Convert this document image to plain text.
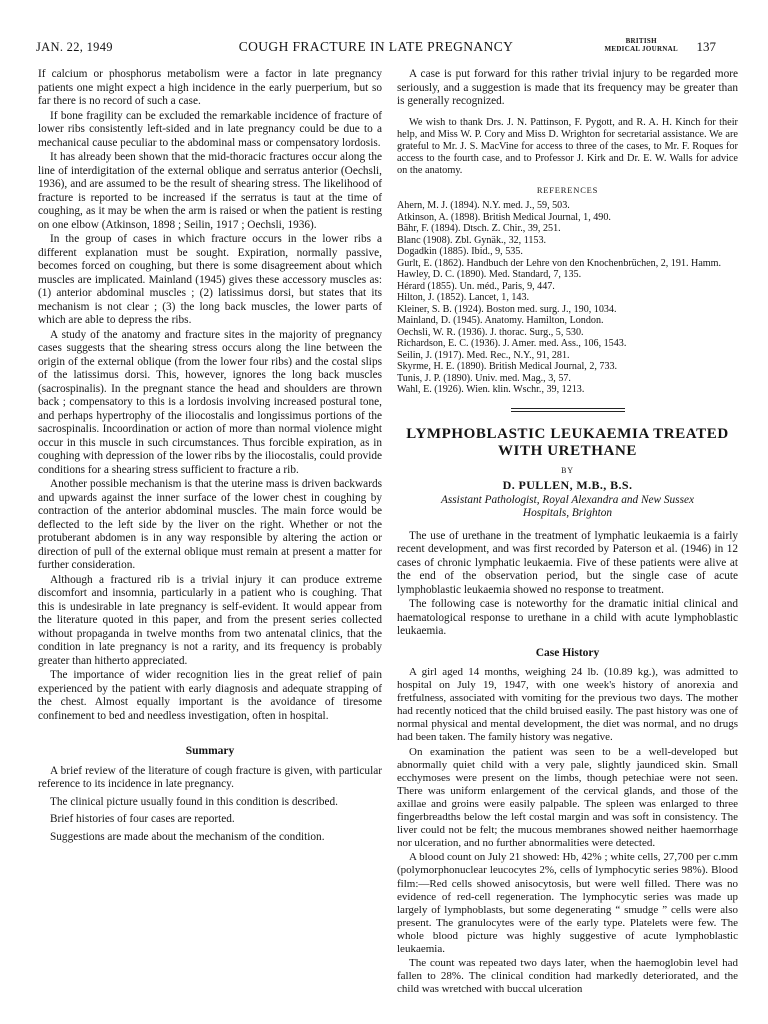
JAN. 22, 1949	COUGH FRACTURE IN LATE PREGNANCY	BRITISH
MEDICAL JOURNAL 137

If calcium or phosphorus metabolism were a factor in late pregnancy patients one might expect a high incidence in the early puerperium, but so far there is no record of such a case.

If bone fragility can be excluded the remarkable incidence of fracture of lower ribs consistently left-sided and in late pregnancy could be due to a mechanical cause peculiar to the abdominal mass or compensatory lordosis.

It has already been shown that the mid-thoracic fractures occur along the line of interdigitation of the external oblique and serratus anterior (Oechsli, 1936), and are assumed to be the result of shearing stress. The likelihood of fracture is reported to be increased if the serratus is taut at the time of coughing, as it may be when the arm is raised or when the patient is resting on one elbow (Atkinson, 1898 ; Seilin, 1917 ; Oechsli, 1936).

In the group of cases in which fracture occurs in the lower ribs a different explanation must be sought. Expiration, normally passive, becomes forced on coughing, but there is some disagreement about which muscles are implicated. Mainland (1945) gives these accessory muscles as: (1) anterior abdominal muscles ; (2) latissimus dorsi, but states that its mechanism is not clear ; (3) the long back muscles, the lower parts of which are able to depress the ribs.

A study of the anatomy and fracture sites in the majority of pregnancy cases suggests that the shearing stress occurs along the line between the origin of the external oblique (from the lower four ribs) and the costal slips of the latissimus dorsi. This, however, ignores the long back muscles (sacrospinalis). In the pregnant stance the head and shoulders are thrown back ; compensatory to this is a lordosis involving increased postural tone, and perhaps hypertrophy of the iliocostalis and longissimus portions of the sacrospinalis. Incoordination or action of more than normal violence might occur in this muscle in such circumstances. Thus forcible expiration, as in coughing with depression of the lower ribs by the iliocostalis, could provide conditions for a shearing stress sufficient to fracture a rib.

Another possible mechanism is that the uterine mass is driven backwards and upwards against the inner surface of the lower chest in coughing by contraction of the anterior abdominal muscles. The main force would be deflected to the left side by the liver on the right. Whether or not the protuberant abdomen is in any way responsible by altering the action or direction of pull of the external oblique must remain at present a matter for further consideration.

Although a fractured rib is a trivial injury it can produce extreme discomfort and insomnia, particularly in a patient who is coughing. That this is undesirable in late pregnancy is self-evident. It would appear from the literature quoted in this paper, and from the present series collected without propaganda in twelve months from two antenatal clinics, that the condition in late pregnancy is not a rarity, and its frequency is probably greater than hitherto appreciated.

The importance of wider recognition lies in the great relief of pain experienced by the patient with early diagnosis and adequate strapping of the chest. Almost equally important is the avoidance of tiresome confinement to bed and needless investigation, often in hospital.

Summary

A brief review of the literature of cough fracture is given, with particular reference to its incidence in late pregnancy.

The clinical picture usually found in this condition is described.

Brief histories of four cases are reported.

Suggestions are made about the mechanism of the condition.

A case is put forward for this rather trivial injury to be regarded more seriously, and a suggestion is made that its frequency may be greater than is generally recognized.

We wish to thank Drs. J. N. Pattinson, F. Pygott, and R. A. H. Kinch for their help, and Miss W. P. Cory and Miss D. Wrighton for secretarial assistance. We are grateful to Mr. J. S. MacVine for access to three of the cases, to Mr. F. Roques for access to the fourth case, and to Professor J. Kirk and Dr. E. W. Walls for advice on the anatomy.

REFERENCES
Ahern, M. J. (1894). N.Y. med. J., 59, 503.
Atkinson, A. (1898). British Medical Journal, 1, 490.
Bähr, F. (1894). Dtsch. Z. Chir., 39, 251.
Blanc (1908). Zbl. Gynäk., 32, 1153.
Dogadkin (1885). Ibid., 9, 535.
Gurlt, E. (1862). Handbuch der Lehre von den Knochenbrüchen, 2, 191. Hamm.
Hawley, D. C. (1890). Med. Standard, 7, 135.
Hérard (1855). Un. méd., Paris, 9, 447.
Hilton, J. (1852). Lancet, 1, 143.
Kleiner, S. B. (1924). Boston med. surg. J., 190, 1034.
Mainland, D. (1945). Anatomy. Hamilton, London.
Oechsli, W. R. (1936). J. thorac. Surg., 5, 530.
Richardson, E. C. (1936). J. Amer. med. Ass., 106, 1543.
Seilin, J. (1917). Med. Rec., N.Y., 91, 281.
Skyrme, H. E. (1890). British Medical Journal, 2, 733.
Tunis, J. P. (1890). Univ. med. Mag., 3, 57.
Wahl, E. (1926). Wien. klin. Wschr., 39, 1213.
LYMPHOBLASTIC LEUKAEMIA TREATED
WITH URETHANE
BY
D. PULLEN, M.B., B.S.
Assistant Pathologist, Royal Alexandra and New Sussex
Hospitals, Brighton

The use of urethane in the treatment of lymphatic leukaemia is a fairly recent development, and was first recorded by Paterson et al. (1946) in 12 cases of chronic lymphatic leukaemia. Five of these patients were alive at the end of the observation period, but the single case of acute lymphoblastic leukaemia showed no response to treatment.

The following case is noteworthy for the dramatic initial clinical and haematological response to urethane in a child with acute lymphoblastic leukaemia.

Case History

A girl aged 14 months, weighing 24 lb. (10.89 kg.), was admitted to hospital on July 19, 1947, with one week's history of anorexia and fretfulness, associated with vomiting for the previous two days. The mother had recently noticed that the child bruised easily. The past history was one of normal physical and mental development, the diet was normal, and no drugs had been taken. The family history was negative.

On examination the patient was seen to be a well-developed but abnormally quiet child with a very pale, slightly jaundiced skin. Small ecchymoses were present on the limbs, though petechiae were not seen. There was uniform enlargement of the cervical glands, and those of the axillae and groins were easily palpable. The spleen was enlarged to three fingerbreadths below the left costal margin and was soft in consistency. The liver could not be felt; the mucous membranes showed neither haemorrhage nor ulceration, and no further abnormalities were detected.

A blood count on July 21 showed: Hb, 42% ; white cells, 27,700 per c.mm (polymorphonuclear leucocytes 2%, cells of lymphocytic series 98%). Blood film:—Red cells showed anisocytosis, but were well filled. There was no evidence of red-cell regeneration. The lymphocytic series was made up largely of lymphoblasts, but some degenerating “ smudge ” cells were also present. The granulocytes were of the early type. Platelets were few. The whole blood picture was highly suggestive of acute lymphoblastic leukaemia.

The count was repeated two days later, when the haemoglobin level had fallen to 28%. The clinical condition had markedly deteriorated, and the child was wretched with buccal ulceration
